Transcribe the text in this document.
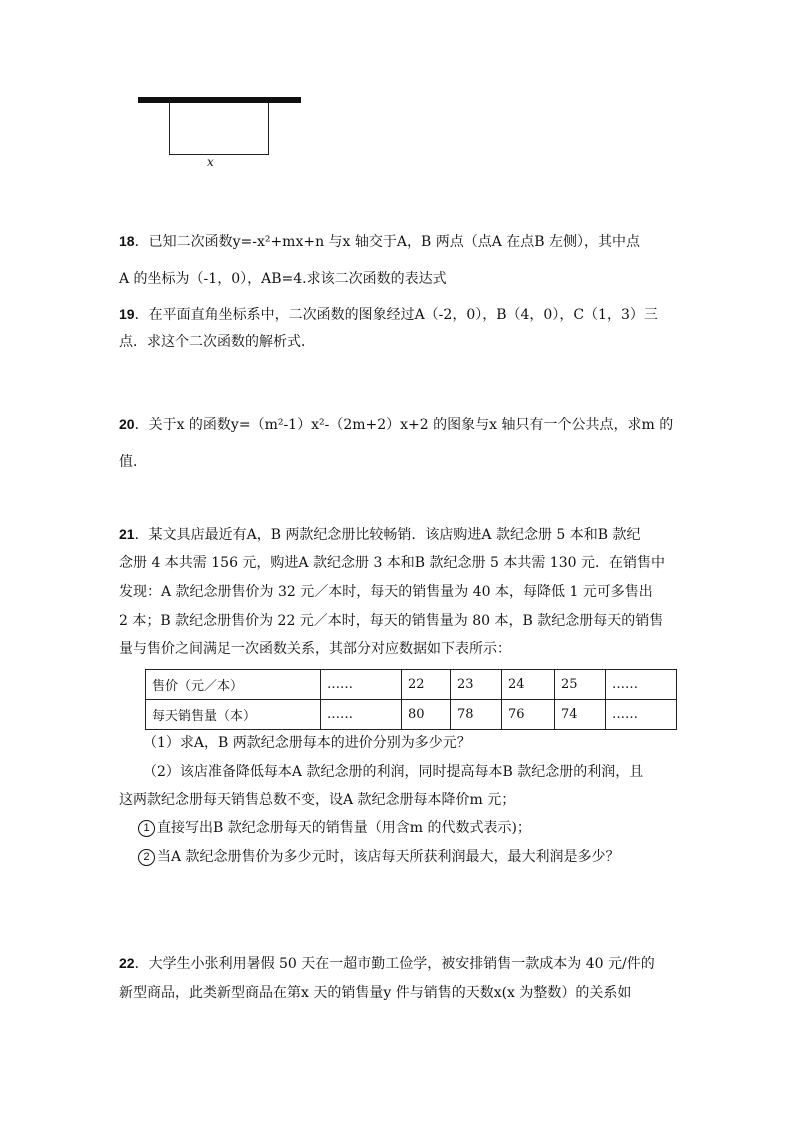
x
18．已知二次函数y=-x²+mx+n 与x 轴交于A，B 两点（点A 在点B 左侧），其中点
A 的坐标为（-1，0），AB=4.求该二次函数的表达式
19．在平面直角坐标系中，二次函数的图象经过A（-2，0），B（4，0），C（1，3）三
点．求这个二次函数的解析式．
20．关于x 的函数y=（m²-1）x²-（2m+2）x+2 的图象与x 轴只有一个公共点，求m 的
值．
21．某文具店最近有A，B 两款纪念册比较畅销．该店购进A 款纪念册 5 本和B 款纪
念册 4 本共需 156 元，购进A 款纪念册 3 本和B 款纪念册 5 本共需 130 元．在销售中
发现：A 款纪念册售价为 32 元／本时，每天的销售量为 40 本，每降低 1 元可多售出
2 本；B 款纪念册售价为 22 元／本时，每天的销售量为 80 本，B 款纪念册每天的销售
量与售价之间满足一次函数关系，其部分对应数据如下表所示：
售价（元／本）	……	22	23	24	25	……
每天销售量（本）	……	80	78	76	74	……
（1）求A，B 两款纪念册每本的进价分别为多少元？
（2）该店准备降低每本A 款纪念册的利润，同时提高每本B 款纪念册的利润，且
这两款纪念册每天销售总数不变，设A 款纪念册每本降价m 元；
1 直接写出B 款纪念册每天的销售量（用含m 的代数式表示)；
2 当A 款纪念册售价为多少元时，该店每天所获利润最大，最大利润是多少？
22．大学生小张利用暑假 50 天在一超市勤工俭学，被安排销售一款成本为 40 元/件的
新型商品，此类新型商品在第x 天的销售量y 件与销售的天数x(x 为整数）的关系如
